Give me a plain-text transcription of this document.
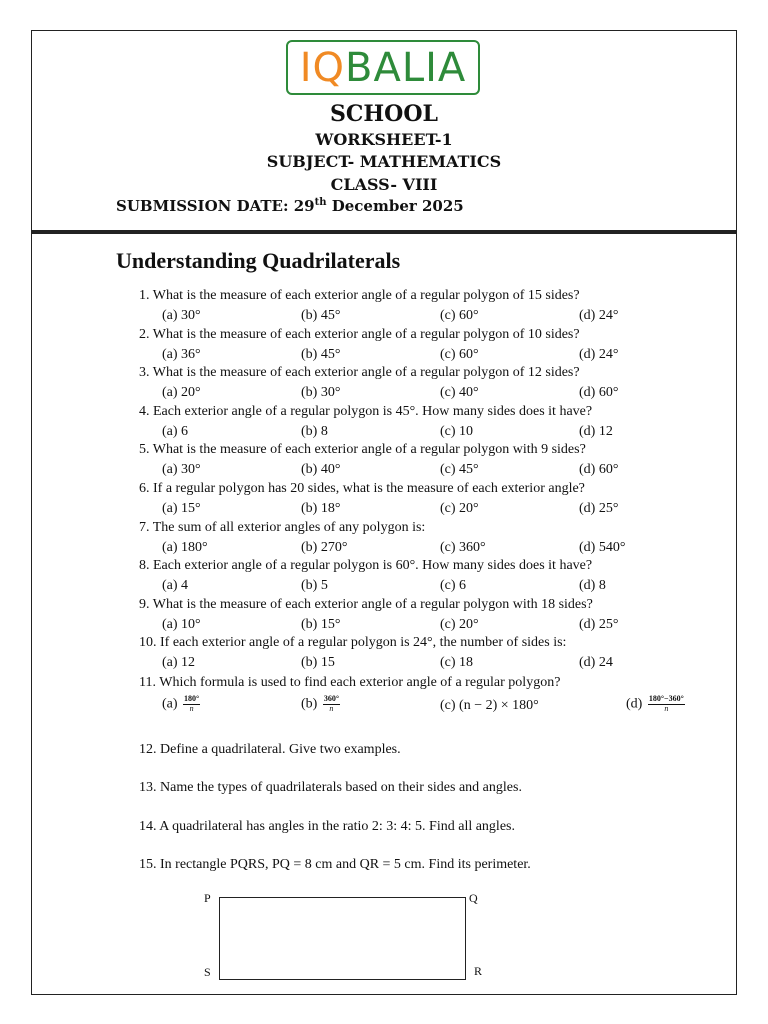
IQ BALIA
SCHOOL
WORKSHEET-1
SUBJECT- MATHEMATICS
CLASS- VIII
SUBMISSION DATE: 29th December 2025
Understanding Quadrilaterals
1. What is the measure of each exterior angle of a regular polygon of 15 sides?
(a) 30°	(b) 45°	(c) 60°	(d) 24°
2. What is the measure of each exterior angle of a regular polygon of 10 sides?
(a) 36°	(b) 45°	(c) 60°	(d) 24°
3. What is the measure of each exterior angle of a regular polygon of 12 sides?
(a) 20°	(b) 30°	(c) 40°	(d) 60°
4. Each exterior angle of a regular polygon is 45°. How many sides does it have?
(a) 6	(b) 8	(c) 10	(d) 12
5. What is the measure of each exterior angle of a regular polygon with 9 sides?
(a) 30°	(b) 40°	(c) 45°	(d) 60°
6. If a regular polygon has 20 sides, what is the measure of each exterior angle?
(a) 15°	(b) 18°	(c) 20°	(d) 25°
7. The sum of all exterior angles of any polygon is:
(a) 180°	(b) 270°	(c) 360°	(d) 540°
8. Each exterior angle of a regular polygon is 60°. How many sides does it have?
(a) 4	(b) 5	(c) 6	(d) 8
9. What is the measure of each exterior angle of a regular polygon with 18 sides?
(a) 10°	(b) 15°	(c) 20°	(d) 25°
10. If each exterior angle of a regular polygon is 24°, the number of sides is:
(a) 12	(b) 15	(c) 18	(d) 24
11. Which formula is used to find each exterior angle of a regular polygon?
$(a) \frac{180^\circ}{n}$	$(b) \frac{360^\circ}{n}$	(c) (n − 2) × 180°	$(d) \frac{180^\circ-360^\circ}{n}$
12. Define a quadrilateral. Give two examples.
13. Name the types of quadrilaterals based on their sides and angles.
14. A quadrilateral has angles in the ratio 2: 3: 4: 5. Find all angles.
15. In rectangle PQRS, PQ = 8 cm and QR = 5 cm. Find its perimeter.
P	Q
S	R
